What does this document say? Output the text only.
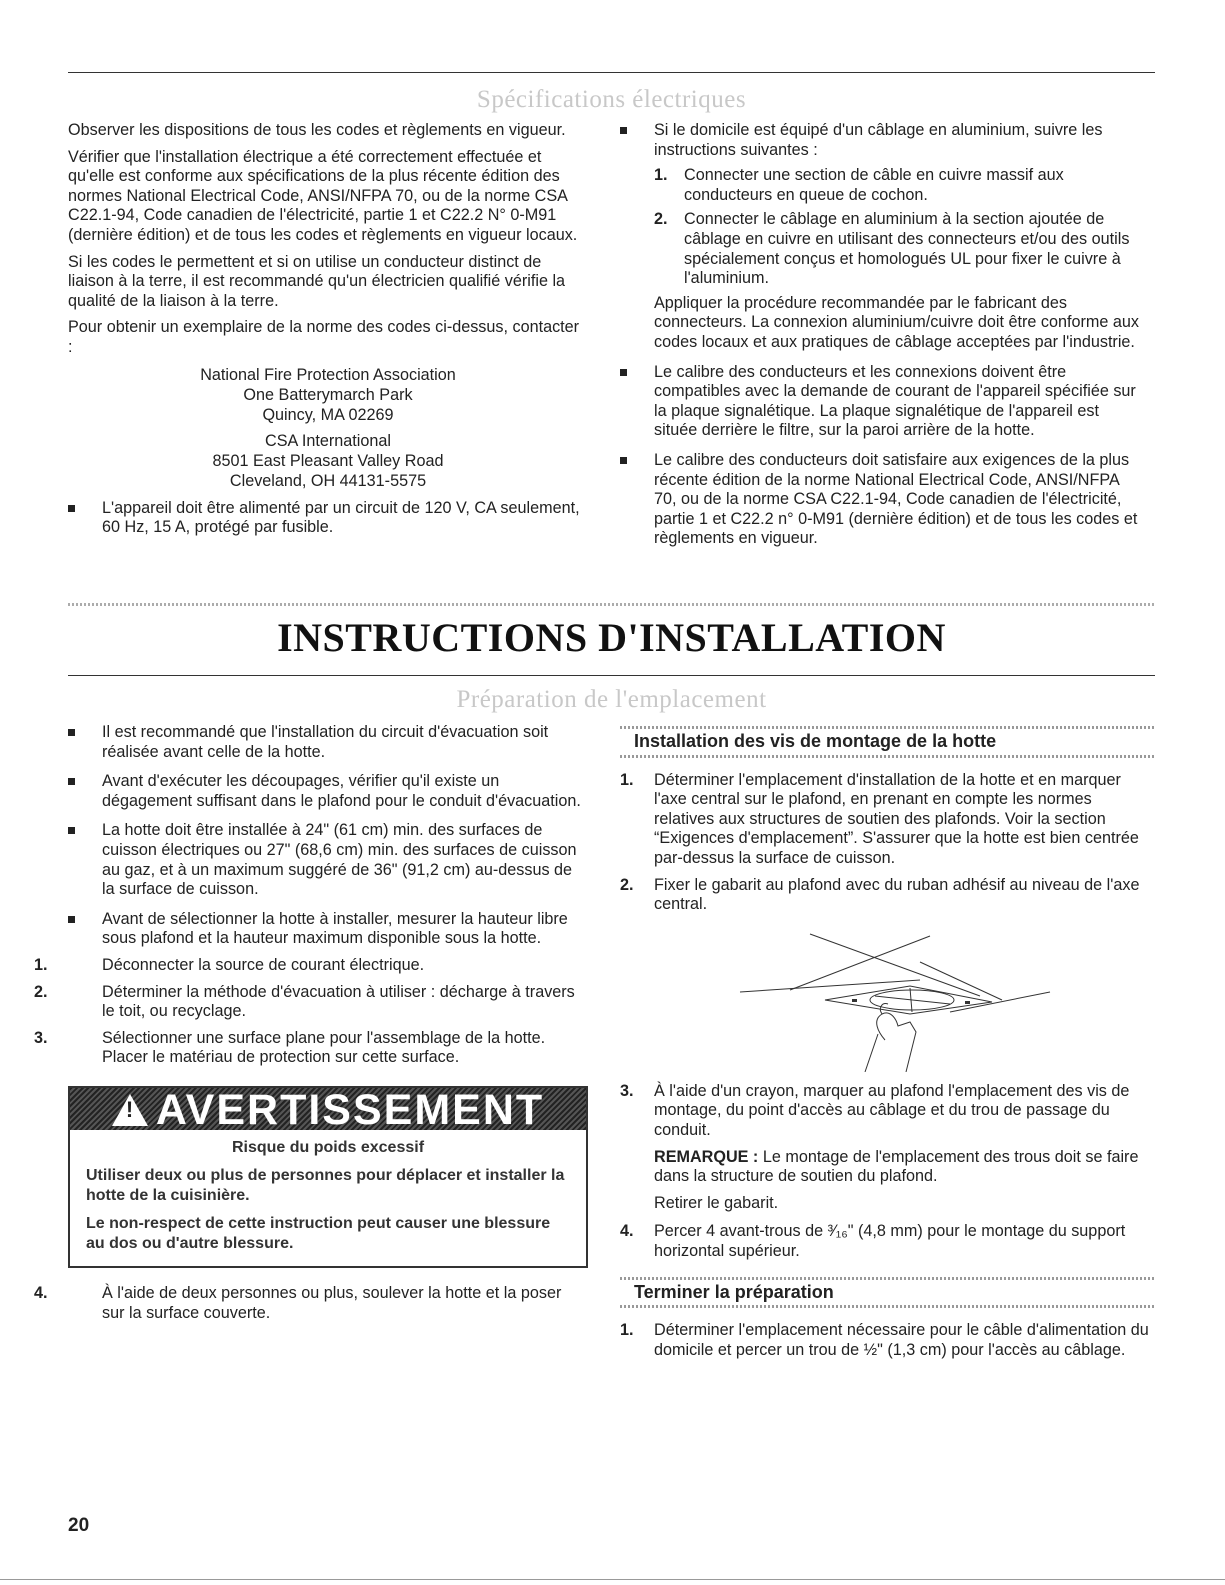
Spécifications électriques

Observer les dispositions de tous les codes et règlements en vigueur.

Vérifier que l'installation électrique a été correctement effectuée et qu'elle est conforme aux spécifications de la plus récente édition des normes National Electrical Code, ANSI/NFPA 70, ou de la norme CSA C22.1-94, Code canadien de l'électricité, partie 1 et C22.2 N° 0-M91 (dernière édition) et de tous les codes et règlements en vigueur locaux.

Si les codes le permettent et si on utilise un conducteur distinct de liaison à la terre, il est recommandé qu'un électricien qualifié vérifie la qualité de la liaison à la terre.

Pour obtenir un exemplaire de la norme des codes ci-dessus, contacter :

National Fire Protection Association
One Batterymarch Park
Quincy, MA 02269
CSA International
8501 East Pleasant Valley Road
Cleveland, OH 44131-5575
L'appareil doit être alimenté par un circuit de 120 V, CA seulement, 60 Hz, 15 A, protégé par fusible.
Si le domicile est équipé d'un câblage en aluminium, suivre les instructions suivantes :
1. Connecter une section de câble en cuivre massif aux conducteurs en queue de cochon.
2. Connecter le câblage en aluminium à la section ajoutée de câblage en cuivre en utilisant des connecteurs et/ou des outils spécialement conçus et homologués UL pour fixer le cuivre à l'aluminium.
Appliquer la procédure recommandée par le fabricant des connecteurs. La connexion aluminium/cuivre doit être conforme aux codes locaux et aux pratiques de câblage acceptées par l'industrie.
Le calibre des conducteurs et les connexions doivent être compatibles avec la demande de courant de l'appareil spécifiée sur la plaque signalétique. La plaque signalétique de l'appareil est située derrière le filtre, sur la paroi arrière de la hotte.
Le calibre des conducteurs doit satisfaire aux exigences de la plus récente édition de la norme National Electrical Code, ANSI/NFPA 70, ou de la norme CSA C22.1-94, Code canadien de l'électricité, partie 1 et C22.2 n° 0-M91 (dernière édition) et de tous les codes et règlements en vigueur.
INSTRUCTIONS D'INSTALLATION
Préparation de l'emplacement
Il est recommandé que l'installation du circuit d'évacuation soit réalisée avant celle de la hotte.
Avant d'exécuter les découpages, vérifier qu'il existe un dégagement suffisant dans le plafond pour le conduit d'évacuation.
La hotte doit être installée à 24" (61 cm) min. des surfaces de cuisson électriques ou 27" (68,6 cm) min. des surfaces de cuisson au gaz, et à un maximum suggéré de 36" (91,2 cm) au-dessus de la surface de cuisson.
Avant de sélectionner la hotte à installer, mesurer la hauteur libre sous plafond et la hauteur maximum disponible sous la hotte.
1.	Déconnecter la source de courant électrique.
2.	Déterminer la méthode d'évacuation à utiliser : décharge à travers le toit, ou recyclage.
3.	Sélectionner une surface plane pour l'assemblage de la hotte. Placer le matériau de protection sur cette surface.
! AVERTISSEMENT

Risque du poids excessif

Utiliser deux ou plus de personnes pour déplacer et installer la hotte de la cuisinière.

Le non-respect de cette instruction peut causer une blessure au dos ou d'autre blessure.

4.	À l'aide de deux personnes ou plus, soulever la hotte et la poser sur la surface couverte.
Installation des vis de montage de la hotte
1. Déterminer l'emplacement d'installation de la hotte et en marquer l'axe central sur le plafond, en prenant en compte les normes relatives aux structures de soutien des plafonds. Voir la section “Exigences d'emplacement”. S'assurer que la hotte est bien centrée par-dessus la surface de cuisson.
2. Fixer le gabarit au plafond avec du ruban adhésif au niveau de l'axe central.
3. À l'aide d'un crayon, marquer au plafond l'emplacement des vis de montage, du point d'accès au câblage et du trou de passage du conduit.
REMARQUE : Le montage de l'emplacement des trous doit se faire dans la structure de soutien du plafond.
Retirer le gabarit.
4. Percer 4 avant-trous de ³⁄₁₆" (4,8 mm) pour le montage du support horizontal supérieur.
Terminer la préparation
1. Déterminer l'emplacement nécessaire pour le câble d'alimentation du domicile et percer un trou de ½" (1,3 cm) pour l'accès au câblage.
20
